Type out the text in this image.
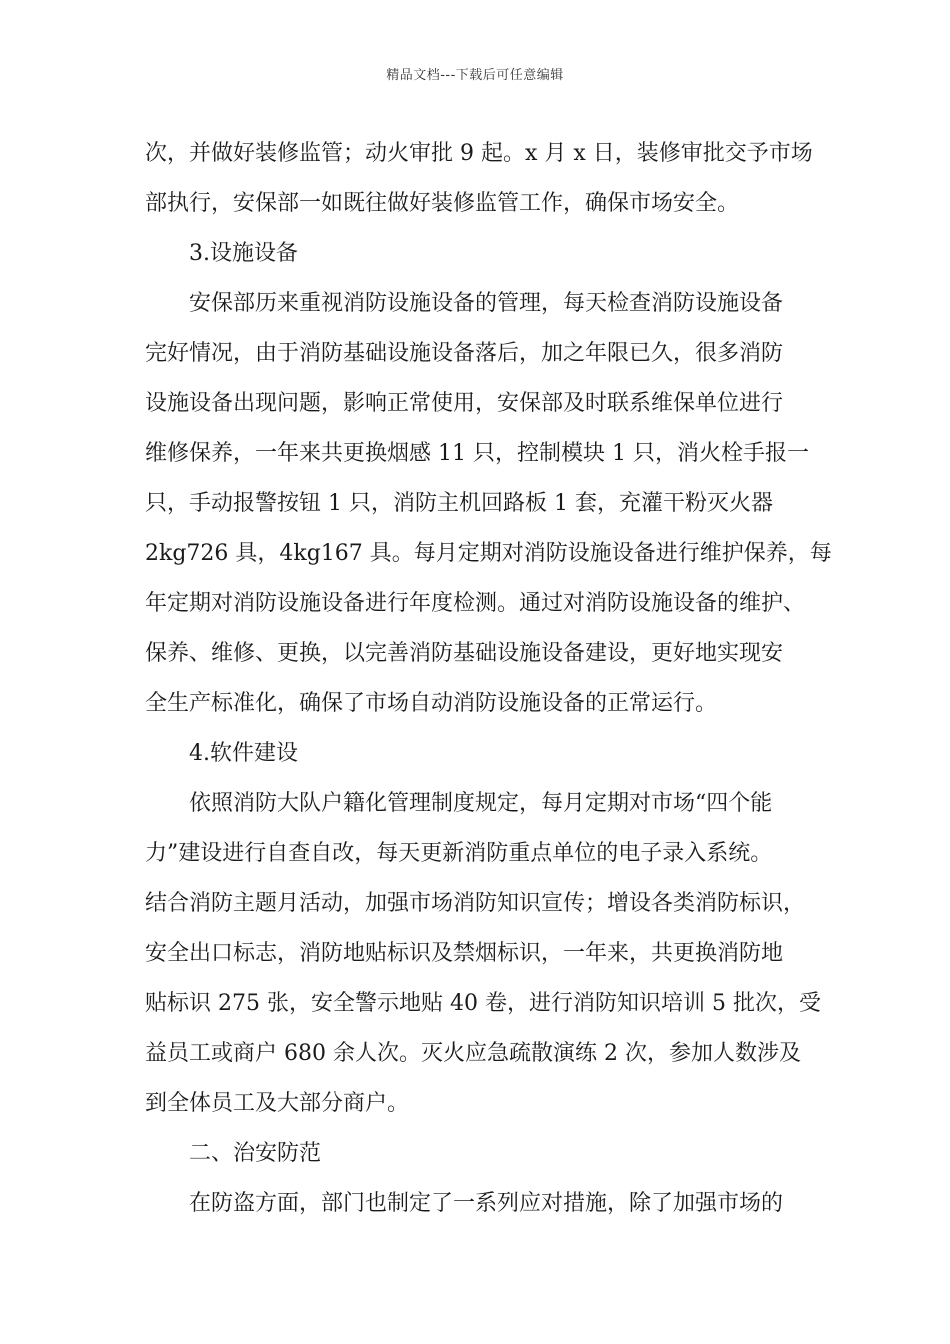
精品文档---下载后可任意编辑
次，并做好装修监管；动火审批 9 起。x 月 x 日，装修审批交予市场
部执行，安保部一如既往做好装修监管工作，确保市场安全。
3.设施设备
安保部历来重视消防设施设备的管理，每天检查消防设施设备
完好情况，由于消防基础设施设备落后，加之年限已久，很多消防
设施设备出现问题，影响正常使用，安保部及时联系维保单位进行
维修保养，一年来共更换烟感 11 只，控制模块 1 只，消火栓手报一
只，手动报警按钮 1 只，消防主机回路板 1 套，充灌干粉灭火器
2kg726 具，4kg167 具。每月定期对消防设施设备进行维护保养，每
年定期对消防设施设备进行年度检测。通过对消防设施设备的维护、
保养、维修、更换，以完善消防基础设施设备建设，更好地实现安
全生产标准化，确保了市场自动消防设施设备的正常运行。
4.软件建设
依照消防大队户籍化管理制度规定，每月定期对市场“四个能
力”建设进行自查自改，每天更新消防重点单位的电子录入系统。
结合消防主题月活动，加强市场消防知识宣传；增设各类消防标识，
安全出口标志，消防地贴标识及禁烟标识，一年来，共更换消防地
贴标识 275 张，安全警示地贴 40 卷，进行消防知识培训 5 批次，受
益员工或商户 680 余人次。灭火应急疏散演练 2 次，参加人数涉及
到全体员工及大部分商户。
二、治安防范
在防盗方面，部门也制定了一系列应对措施，除了加强市场的
